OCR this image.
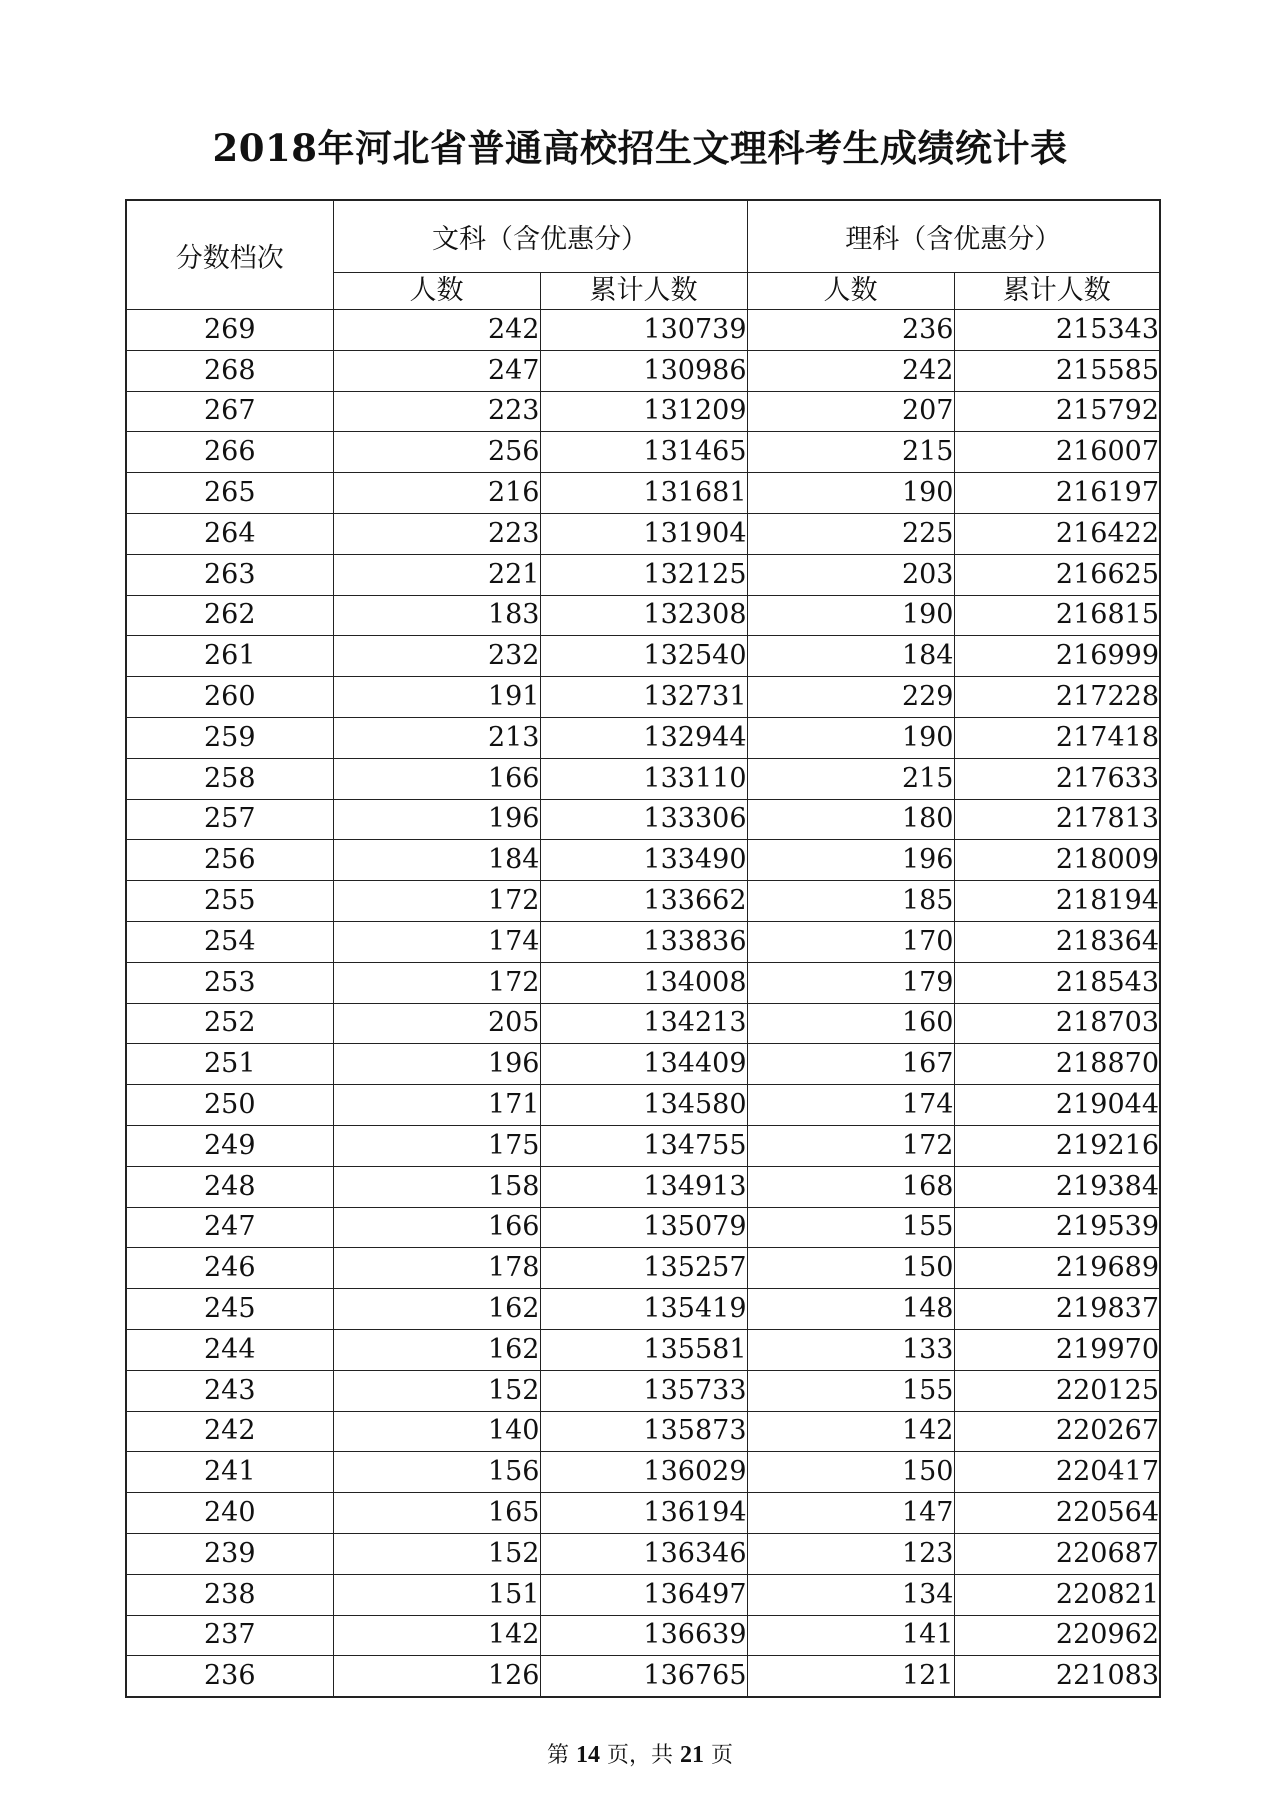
2018年河北省普通高校招生文理科考生成绩统计表
分数档次	文科（含优惠分）		理科（含优惠分）	
	人数	累计人数	人数	累计人数
269	242	130739	236	215343
268	247	130986	242	215585
267	223	131209	207	215792
266	256	131465	215	216007
265	216	131681	190	216197
264	223	131904	225	216422
263	221	132125	203	216625
262	183	132308	190	216815
261	232	132540	184	216999
260	191	132731	229	217228
259	213	132944	190	217418
258	166	133110	215	217633
257	196	133306	180	217813
256	184	133490	196	218009
255	172	133662	185	218194
254	174	133836	170	218364
253	172	134008	179	218543
252	205	134213	160	218703
251	196	134409	167	218870
250	171	134580	174	219044
249	175	134755	172	219216
248	158	134913	168	219384
247	166	135079	155	219539
246	178	135257	150	219689
245	162	135419	148	219837
244	162	135581	133	219970
243	152	135733	155	220125
242	140	135873	142	220267
241	156	136029	150	220417
240	165	136194	147	220564
239	152	136346	123	220687
238	151	136497	134	220821
237	142	136639	141	220962
236	126	136765	121	221083
第 14 页，共 21 页
